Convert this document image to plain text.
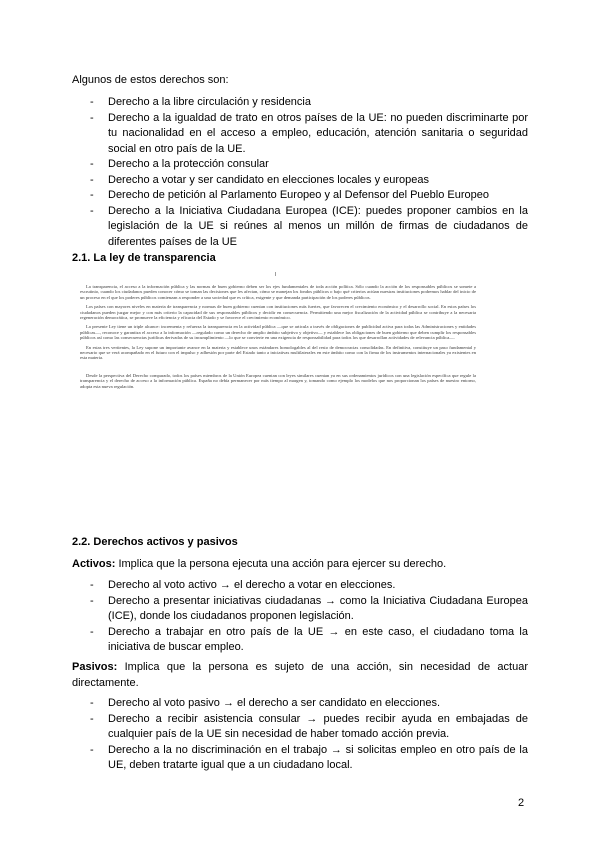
Algunos de estos derechos son:

- Derecho a la libre circulación y residencia
- Derecho a la igualdad de trato en otros países de la UE: no pueden discriminarte por tu nacionalidad en el acceso a empleo, educación, atención sanitaria o seguridad social en otro país de la UE.
- Derecho a la protección consular
- Derecho a votar y ser candidato en elecciones locales y europeas
- Derecho de petición al Parlamento Europeo y al Defensor del Pueblo Europeo
- Derecho a la Iniciativa Ciudadana Europea (ICE): puedes proponer cambios en la legislación de la UE si reúnes al menos un millón de firmas de ciudadanos de diferentes países de la UE
2.1. La ley de transparencia
I

La transparencia, el acceso a la información pública y las normas de buen gobierno deben ser los ejes fundamentales de toda acción política. Sólo cuando la acción de los responsables públicos se somete a escrutinio, cuando los ciudadanos pueden conocer cómo se toman las decisiones que les afectan, cómo se manejan los fondos públicos o bajo qué criterios actúan nuestras instituciones podremos hablar del inicio de un proceso en el que los poderes públicos comienzan a responder a una sociedad que es crítica, exigente y que demanda participación de los poderes públicos.

Los países con mayores niveles en materia de transparencia y normas de buen gobierno cuentan con instituciones más fuertes, que favorecen el crecimiento económico y el desarrollo social. En estos países los ciudadanos pueden juzgar mejor y con más criterio la capacidad de sus responsables públicos y decidir en consecuencia. Permitiendo una mejor fiscalización de la actividad pública se contribuye a la necesaria regeneración democrática, se promueve la eficiencia y eficacia del Estado y se favorece el crecimiento económico.

La presente Ley tiene un triple alcance: incrementa y refuerza la transparencia en la actividad pública —que se articula a través de obligaciones de publicidad activa para todas las Administraciones y entidades públicas—, reconoce y garantiza el acceso a la información —regulado como un derecho de amplio ámbito subjetivo y objetivo— y establece las obligaciones de buen gobierno que deben cumplir los responsables públicos así como las consecuencias jurídicas derivadas de su incumplimiento —lo que se convierte en una exigencia de responsabilidad para todos los que desarrollan actividades de relevancia pública—.

En estas tres vertientes, la Ley supone un importante avance en la materia y establece unos estándares homologables al del resto de democracias consolidadas. En definitiva, constituye un paso fundamental y necesario que se verá acompañado en el futuro con el impulso y adhesión por parte del Estado tanto a iniciativas multilaterales en este ámbito como con la firma de los instrumentos internacionales ya existentes en esta materia.

Desde la perspectiva del Derecho comparado, todos los países miembros de la Unión Europea cuentan con leyes similares cuentan ya en sus ordenamientos jurídicos con una legislación específica que regule la transparencia y el derecho de acceso a la información pública. España no debía permanecer por más tiempo al margen y, tomando como ejemplo los modelos que nos proporcionan los países de nuestro entorno, adopta esta nueva regulación.

2.2. Derechos activos y pasivos

Activos: Implica que la persona ejecuta una acción para ejercer su derecho.

- Derecho al voto activo → el derecho a votar en elecciones.
- Derecho a presentar iniciativas ciudadanas → como la Iniciativa Ciudadana Europea (ICE), donde los ciudadanos proponen legislación.
- Derecho a trabajar en otro país de la UE → en este caso, el ciudadano toma la iniciativa de buscar empleo.

Pasivos: Implica que la persona es sujeto de una acción, sin necesidad de actuar directamente.

- Derecho al voto pasivo → el derecho a ser candidato en elecciones.
- Derecho a recibir asistencia consular → puedes recibir ayuda en embajadas de cualquier país de la UE sin necesidad de haber tomado acción previa.
- Derecho a la no discriminación en el trabajo → si solicitas empleo en otro país de la UE, deben tratarte igual que a un ciudadano local.
2
